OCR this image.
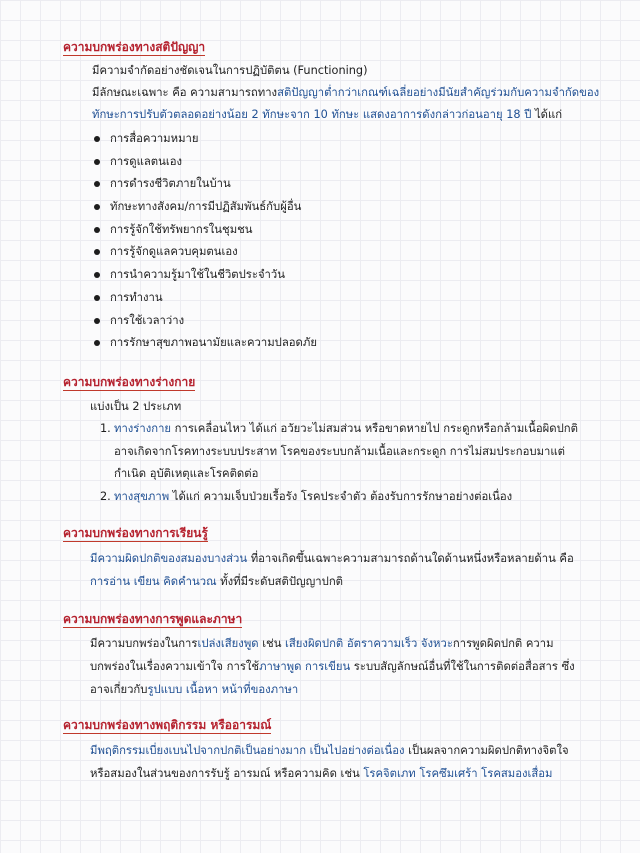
ความบกพร่องทางสติปัญญา
มีความจำกัดอย่างชัดเจนในการปฏิบัติตน (Functioning)
มีลักษณะเฉพาะ คือ ความสามารถทางสติปัญญาต่ำกว่าเกณฑ์เฉลี่ยอย่างมีนัยสำคัญร่วมกับความจำกัดของ
ทักษะการปรับตัวตลอดอย่างน้อย 2 ทักษะจาก 10 ทักษะ แสดงอาการดังกล่าวก่อนอายุ 18 ปี ได้แก่
การสื่อความหมาย
การดูแลตนเอง
การดำรงชีวิตภายในบ้าน
ทักษะทางสังคม/การมีปฏิสัมพันธ์กับผู้อื่น
การรู้จักใช้ทรัพยากรในชุมชน
การรู้จักดูแลควบคุมตนเอง
การนำความรู้มาใช้ในชีวิตประจำวัน
การทำงาน
การใช้เวลาว่าง
การรักษาสุขภาพอนามัยและความปลอดภัย
ความบกพร่องทางร่างกาย
แบ่งเป็น 2 ประเภท
1. ทางร่างกาย การเคลื่อนไหว ได้แก่ อวัยวะไม่สมส่วน หรือขาดหายไป กระดูกหรือกล้ามเนื้อผิดปกติ
อาจเกิดจากโรคทางระบบประสาท โรคของระบบกล้ามเนื้อและกระดูก การไม่สมประกอบมาแต่
กำเนิด อุบัติเหตุและโรคติดต่อ
2. ทางสุขภาพ ได้แก่ ความเจ็บป่วยเรื้อรัง โรคประจำตัว ต้องรับการรักษาอย่างต่อเนื่อง
ความบกพร่องทางการเรียนรู้
มีความผิดปกติของสมองบางส่วน ที่อาจเกิดขึ้นเฉพาะความสามารถด้านใดด้านหนึ่งหรือหลายด้าน คือ
การอ่าน เขียน คิดคำนวณ ทั้งที่มีระดับสติปัญญาปกติ
ความบกพร่องทางการพูดและภาษา
มีความบกพร่องในการเปล่งเสียงพูด เช่น เสียงผิดปกติ อัตราความเร็ว จังหวะการพูดผิดปกติ ความ
บกพร่องในเรื่องความเข้าใจ การใช้ภาษาพูด การเขียน ระบบสัญลักษณ์อื่นที่ใช้ในการติดต่อสื่อสาร ซึ่ง
อาจเกี่ยวกับรูปแบบ เนื้อหา หน้าที่ของภาษา
ความบกพร่องทางพฤติกรรม หรืออารมณ์
มีพฤติกรรมเบี่ยงเบนไปจากปกติเป็นอย่างมาก เป็นไปอย่างต่อเนื่อง เป็นผลจากความผิดปกติทางจิตใจ
หรือสมองในส่วนของการรับรู้ อารมณ์ หรือความคิด เช่น โรคจิตเภท โรคซึมเศร้า โรคสมองเสื่อม
